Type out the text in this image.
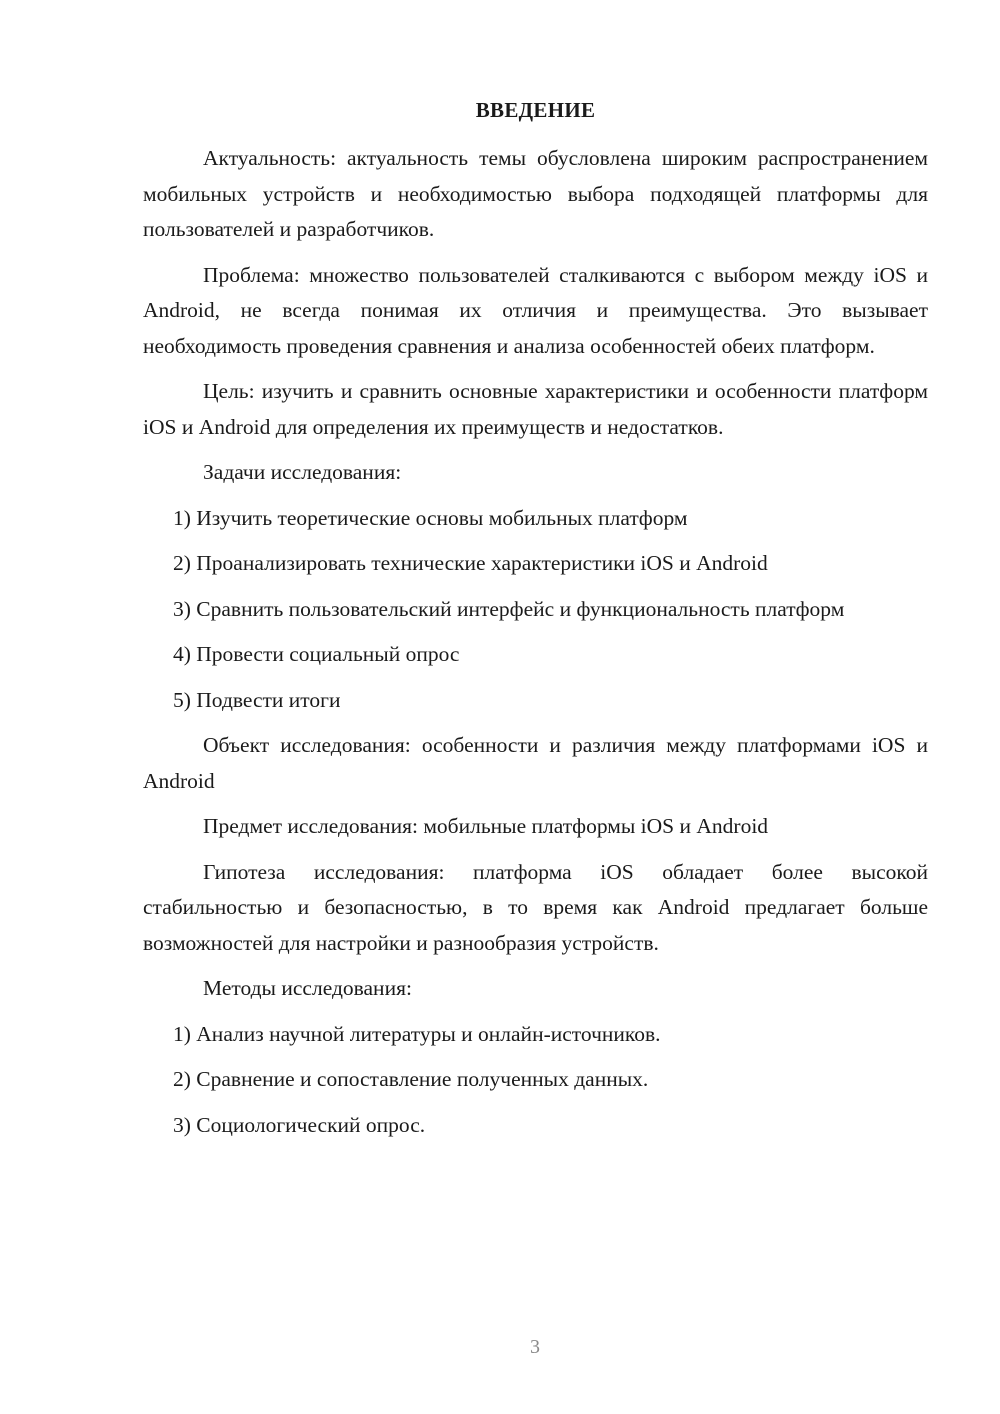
ВВЕДЕНИЕ
Актуальность: актуальность темы обусловлена широким распространением мобильных устройств и необходимостью выбора подходящей платформы для пользователей и разработчиков.
Проблема: множество пользователей сталкиваются с выбором между iOS и Android, не всегда понимая их отличия и преимущества. Это вызывает необходимость проведения сравнения и анализа особенностей обеих платформ.
Цель: изучить и сравнить основные характеристики и особенности платформ iOS и Android для определения их преимуществ и недостатков.
Задачи исследования:
1) Изучить теоретические основы мобильных платформ
2) Проанализировать технические характеристики iOS и Android
3) Сравнить пользовательский интерфейс и функциональность платформ
4) Провести социальный опрос
5) Подвести итоги
Объект исследования: особенности и различия между платформами iOS и Android
Предмет исследования: мобильные платформы iOS и Android
Гипотеза исследования: платформа iOS обладает более высокой стабильностью и безопасностью, в то время как Android предлагает больше возможностей для настройки и разнообразия устройств.
Методы исследования:
1) Анализ научной литературы и онлайн-источников.
2) Сравнение и сопоставление полученных данных.
3) Социологический опрос.
3
